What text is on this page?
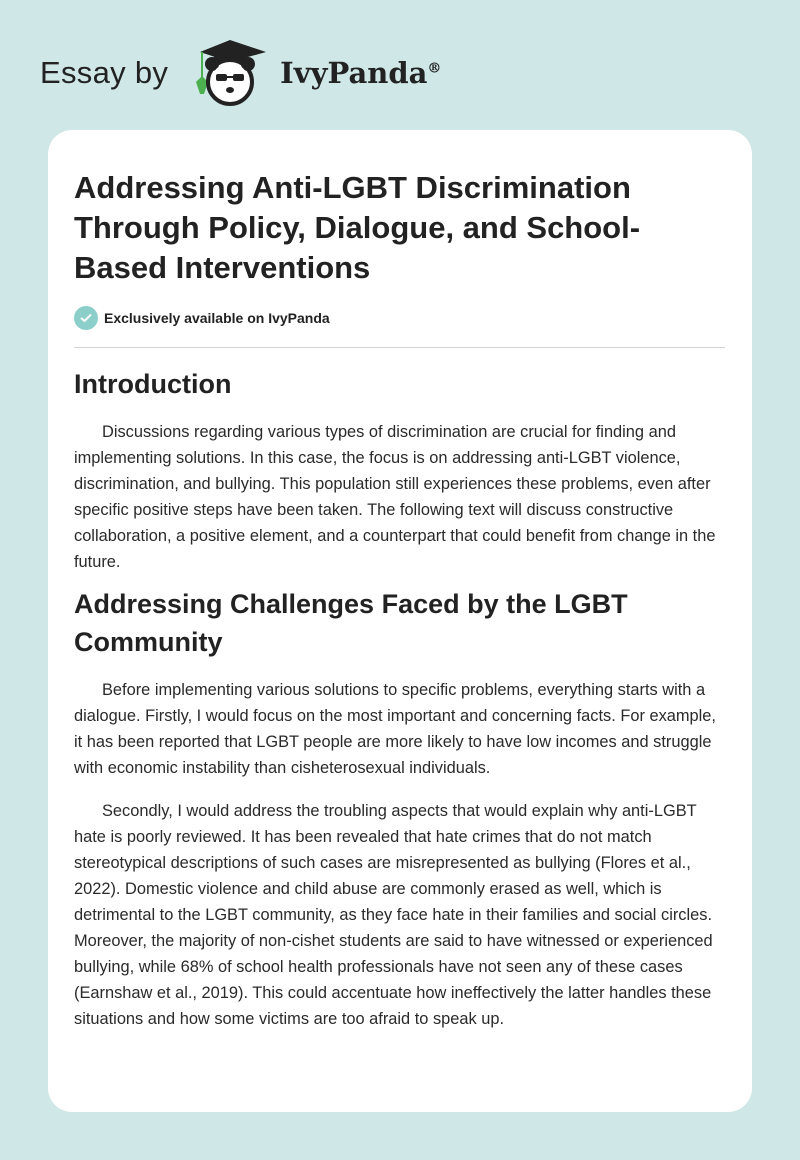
Essay by	IvyPanda®
Addressing Anti-LGBT Discrimination Through Policy, Dialogue, and School-Based Interventions
Exclusively available on IvyPanda
Introduction

Discussions regarding various types of discrimination are crucial for finding and implementing solutions. In this case, the focus is on addressing anti-LGBT violence, discrimination, and bullying. This population still experiences these problems, even after specific positive steps have been taken. The following text will discuss constructive collaboration, a positive element, and a counterpart that could benefit from change in the future.

Addressing Challenges Faced by the LGBT Community

Before implementing various solutions to specific problems, everything starts with a dialogue. Firstly, I would focus on the most important and concerning facts. For example, it has been reported that LGBT people are more likely to have low incomes and struggle with economic instability than cisheterosexual individuals.

Secondly, I would address the troubling aspects that would explain why anti-LGBT hate is poorly reviewed. It has been revealed that hate crimes that do not match stereotypical descriptions of such cases are misrepresented as bullying (Flores et al., 2022). Domestic violence and child abuse are commonly erased as well, which is detrimental to the LGBT community, as they face hate in their families and social circles. Moreover, the majority of non-cishet students are said to have witnessed or experienced bullying, while 68% of school health professionals have not seen any of these cases (Earnshaw et al., 2019). This could accentuate how ineffectively the latter handles these situations and how some victims are too afraid to speak up.
